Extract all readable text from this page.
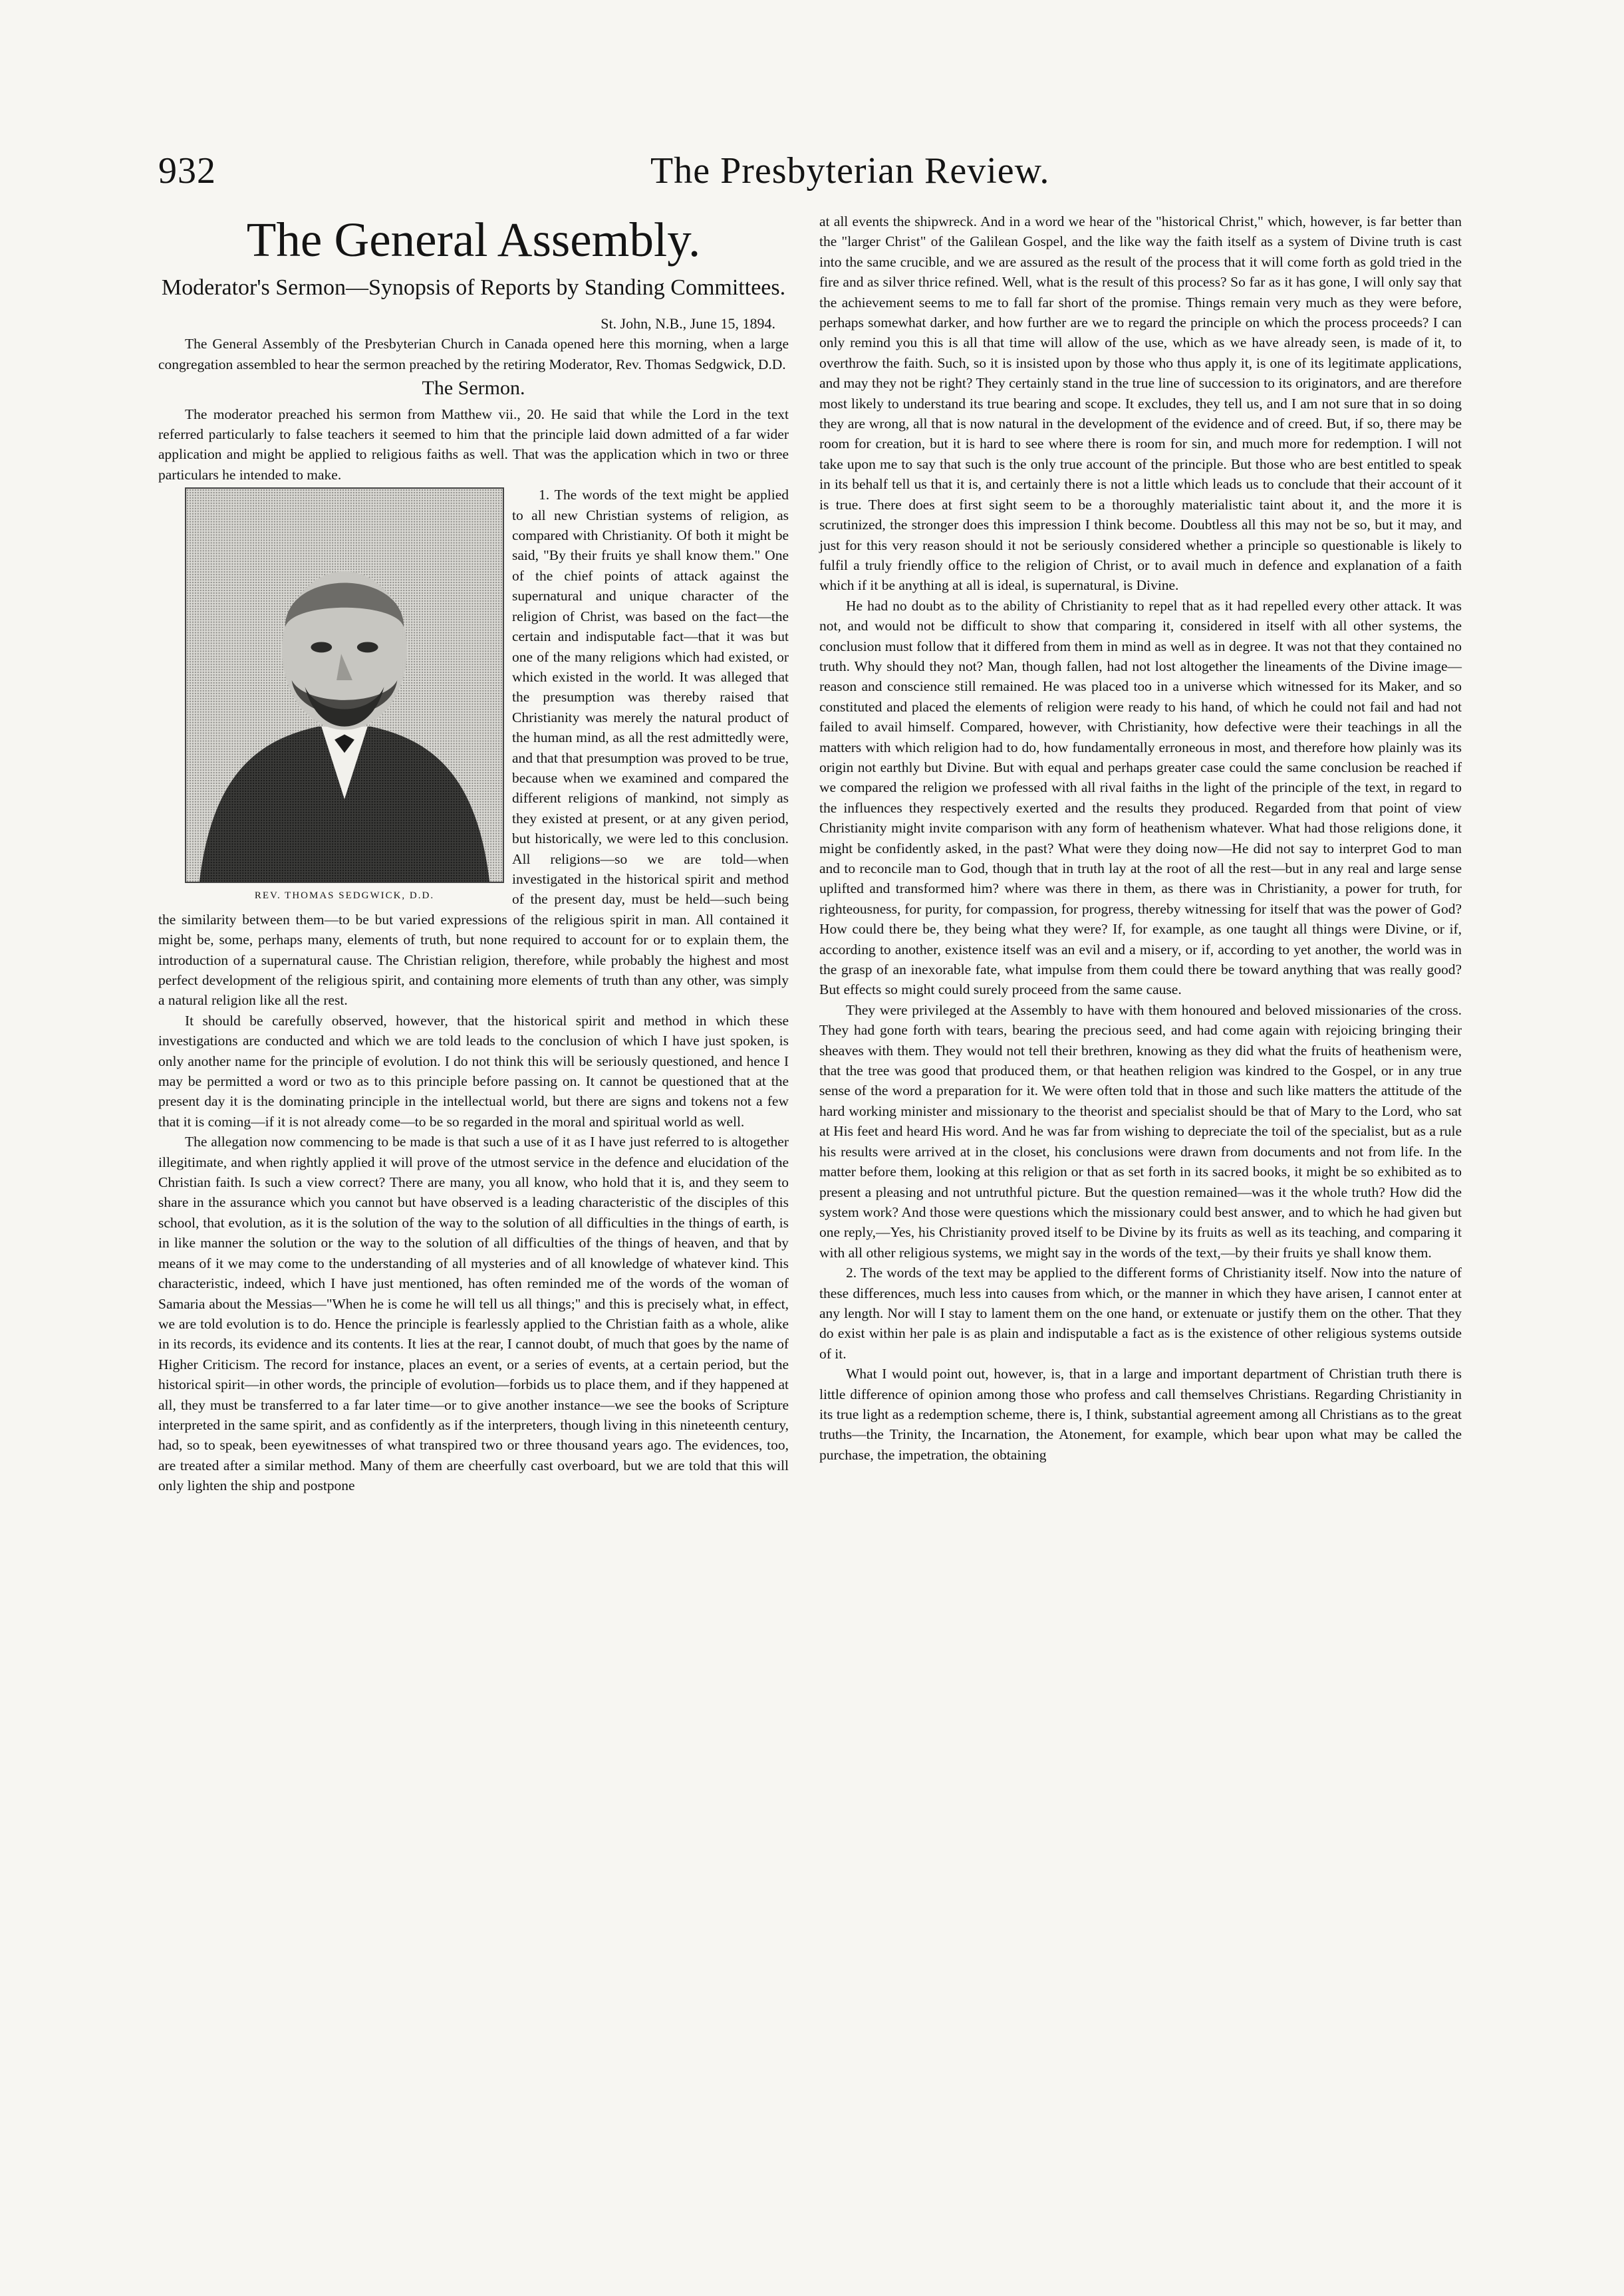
932	The Presbyterian Review.
The General Assembly.
Moderator's Sermon—Synopsis of Reports by Standing Committees.
St. John, N.B., June 15, 1894.

The General Assembly of the Presbyterian Church in Canada opened here this morning, when a large congregation assembled to hear the sermon preached by the retiring Moderator, Rev. Thomas Sedgwick, D.D.

The Sermon.

The moderator preached his sermon from Matthew vii., 20. He said that while the Lord in the text referred particularly to false teachers it seemed to him that the principle laid down admitted of a far wider application and might be applied to religious faiths as well. That was the application which in two or three particulars he intended to make.

REV. THOMAS SEDGWICK, D.D.

1. The words of the text might be applied to all new Christian systems of religion, as compared with Christianity. Of both it might be said, "By their fruits ye shall know them." One of the chief points of attack against the supernatural and unique character of the religion of Christ, was based on the fact—the certain and indisputable fact—that it was but one of the many religions which had existed, or which existed in the world. It was alleged that the presumption was thereby raised that Christianity was merely the natural product of the human mind, as all the rest admittedly were, and that that presumption was proved to be true, because when we examined and compared the different religions of mankind, not simply as they existed at present, or at any given period, but historically, we were led to this conclusion. All religions—so we are told—when investigated in the historical spirit and method of the present day, must be held—such being the similarity between them—to be but varied expressions of the religious spirit in man. All contained it might be, some, perhaps many, elements of truth, but none required to account for or to explain them, the introduction of a supernatural cause. The Christian religion, therefore, while probably the highest and most perfect development of the religious spirit, and containing more elements of truth than any other, was simply a natural religion like all the rest.

It should be carefully observed, however, that the historical spirit and method in which these investigations are conducted and which we are told leads to the conclusion of which I have just spoken, is only another name for the principle of evolution. I do not think this will be seriously questioned, and hence I may be permitted a word or two as to this principle before passing on. It cannot be questioned that at the present day it is the dominating principle in the intellectual world, but there are signs and tokens not a few that it is coming—if it is not already come—to be so regarded in the moral and spiritual world as well.

The allegation now commencing to be made is that such a use of it as I have just referred to is altogether illegitimate, and when rightly applied it will prove of the utmost service in the defence and elucidation of the Christian faith. Is such a view correct? There are many, you all know, who hold that it is, and they seem to share in the assurance which you cannot but have observed is a leading characteristic of the disciples of this school, that evolution, as it is the solution of the way to the solution of all difficulties in the things of earth, is in like manner the solution or the way to the solution of all difficulties of the things of heaven, and that by means of it we may come to the understanding of all mysteries and of all knowledge of whatever kind. This characteristic, indeed, which I have just mentioned, has often reminded me of the words of the woman of Samaria about the Messias—"When he is come he will tell us all things;" and this is precisely what, in effect, we are told evolution is to do. Hence the principle is fearlessly applied to the Christian faith as a whole, alike in its records, its evidence and its contents. It lies at the rear, I cannot doubt, of much that goes by the name of Higher Criticism. The record for instance, places an event, or a series of events, at a certain period, but the historical spirit—in other words, the principle of evolution—forbids us to place them, and if they happened at all, they must be transferred to a far later time—or to give another instance—we see the books of Scripture interpreted in the same spirit, and as confidently as if the interpreters, though living in this nineteenth century, had, so to speak, been eyewitnesses of what transpired two or three thousand years ago. The evidences, too, are treated after a similar method. Many of them are cheerfully cast overboard, but we are told that this will only lighten the ship and postpone

at all events the shipwreck. And in a word we hear of the "historical Christ," which, however, is far better than the "larger Christ" of the Galilean Gospel, and the like way the faith itself as a system of Divine truth is cast into the same crucible, and we are assured as the result of the process that it will come forth as gold tried in the fire and as silver thrice refined. Well, what is the result of this process? So far as it has gone, I will only say that the achievement seems to me to fall far short of the promise. Things remain very much as they were before, perhaps somewhat darker, and how further are we to regard the principle on which the process proceeds? I can only remind you this is all that time will allow of the use, which as we have already seen, is made of it, to overthrow the faith. Such, so it is insisted upon by those who thus apply it, is one of its legitimate applications, and may they not be right? They certainly stand in the true line of succession to its originators, and are therefore most likely to understand its true bearing and scope. It excludes, they tell us, and I am not sure that in so doing they are wrong, all that is now natural in the development of the evidence and of creed. But, if so, there may be room for creation, but it is hard to see where there is room for sin, and much more for redemption. I will not take upon me to say that such is the only true account of the principle. But those who are best entitled to speak in its behalf tell us that it is, and certainly there is not a little which leads us to conclude that their account of it is true. There does at first sight seem to be a thoroughly materialistic taint about it, and the more it is scrutinized, the stronger does this impression I think become. Doubtless all this may not be so, but it may, and just for this very reason should it not be seriously considered whether a principle so questionable is likely to fulfil a truly friendly office to the religion of Christ, or to avail much in defence and explanation of a faith which if it be anything at all is ideal, is supernatural, is Divine.

He had no doubt as to the ability of Christianity to repel that as it had repelled every other attack. It was not, and would not be difficult to show that comparing it, considered in itself with all other systems, the conclusion must follow that it differed from them in mind as well as in degree. It was not that they contained no truth. Why should they not? Man, though fallen, had not lost altogether the lineaments of the Divine image—reason and conscience still remained. He was placed too in a universe which witnessed for its Maker, and so constituted and placed the elements of religion were ready to his hand, of which he could not fail and had not failed to avail himself. Compared, however, with Christianity, how defective were their teachings in all the matters with which religion had to do, how fundamentally erroneous in most, and therefore how plainly was its origin not earthly but Divine. But with equal and perhaps greater case could the same conclusion be reached if we compared the religion we professed with all rival faiths in the light of the principle of the text, in regard to the influences they respectively exerted and the results they produced. Regarded from that point of view Christianity might invite comparison with any form of heathenism whatever. What had those religions done, it might be confidently asked, in the past? What were they doing now—He did not say to interpret God to man and to reconcile man to God, though that in truth lay at the root of all the rest—but in any real and large sense uplifted and transformed him? where was there in them, as there was in Christianity, a power for truth, for righteousness, for purity, for compassion, for progress, thereby witnessing for itself that was the power of God? How could there be, they being what they were? If, for example, as one taught all things were Divine, or if, according to another, existence itself was an evil and a misery, or if, according to yet another, the world was in the grasp of an inexorable fate, what impulse from them could there be toward anything that was really good? But effects so might could surely proceed from the same cause.

They were privileged at the Assembly to have with them honoured and beloved missionaries of the cross. They had gone forth with tears, bearing the precious seed, and had come again with rejoicing bringing their sheaves with them. They would not tell their brethren, knowing as they did what the fruits of heathenism were, that the tree was good that produced them, or that heathen religion was kindred to the Gospel, or in any true sense of the word a preparation for it. We were often told that in those and such like matters the attitude of the hard working minister and missionary to the theorist and specialist should be that of Mary to the Lord, who sat at His feet and heard His word. And he was far from wishing to depreciate the toil of the specialist, but as a rule his results were arrived at in the closet, his conclusions were drawn from documents and not from life. In the matter before them, looking at this religion or that as set forth in its sacred books, it might be so exhibited as to present a pleasing and not untruthful picture. But the question remained—was it the whole truth? How did the system work? And those were questions which the missionary could best answer, and to which he had given but one reply,—Yes, his Christianity proved itself to be Divine by its fruits as well as its teaching, and comparing it with all other religious systems, we might say in the words of the text,—by their fruits ye shall know them.

2. The words of the text may be applied to the different forms of Christianity itself. Now into the nature of these differences, much less into causes from which, or the manner in which they have arisen, I cannot enter at any length. Nor will I stay to lament them on the one hand, or extenuate or justify them on the other. That they do exist within her pale is as plain and indisputable a fact as is the existence of other religious systems outside of it.

What I would point out, however, is, that in a large and important department of Christian truth there is little difference of opinion among those who profess and call themselves Christians. Regarding Christianity in its true light as a redemption scheme, there is, I think, substantial agreement among all Christians as to the great truths—the Trinity, the Incarnation, the Atonement, for example, which bear upon what may be called the purchase, the impetration, the obtaining
